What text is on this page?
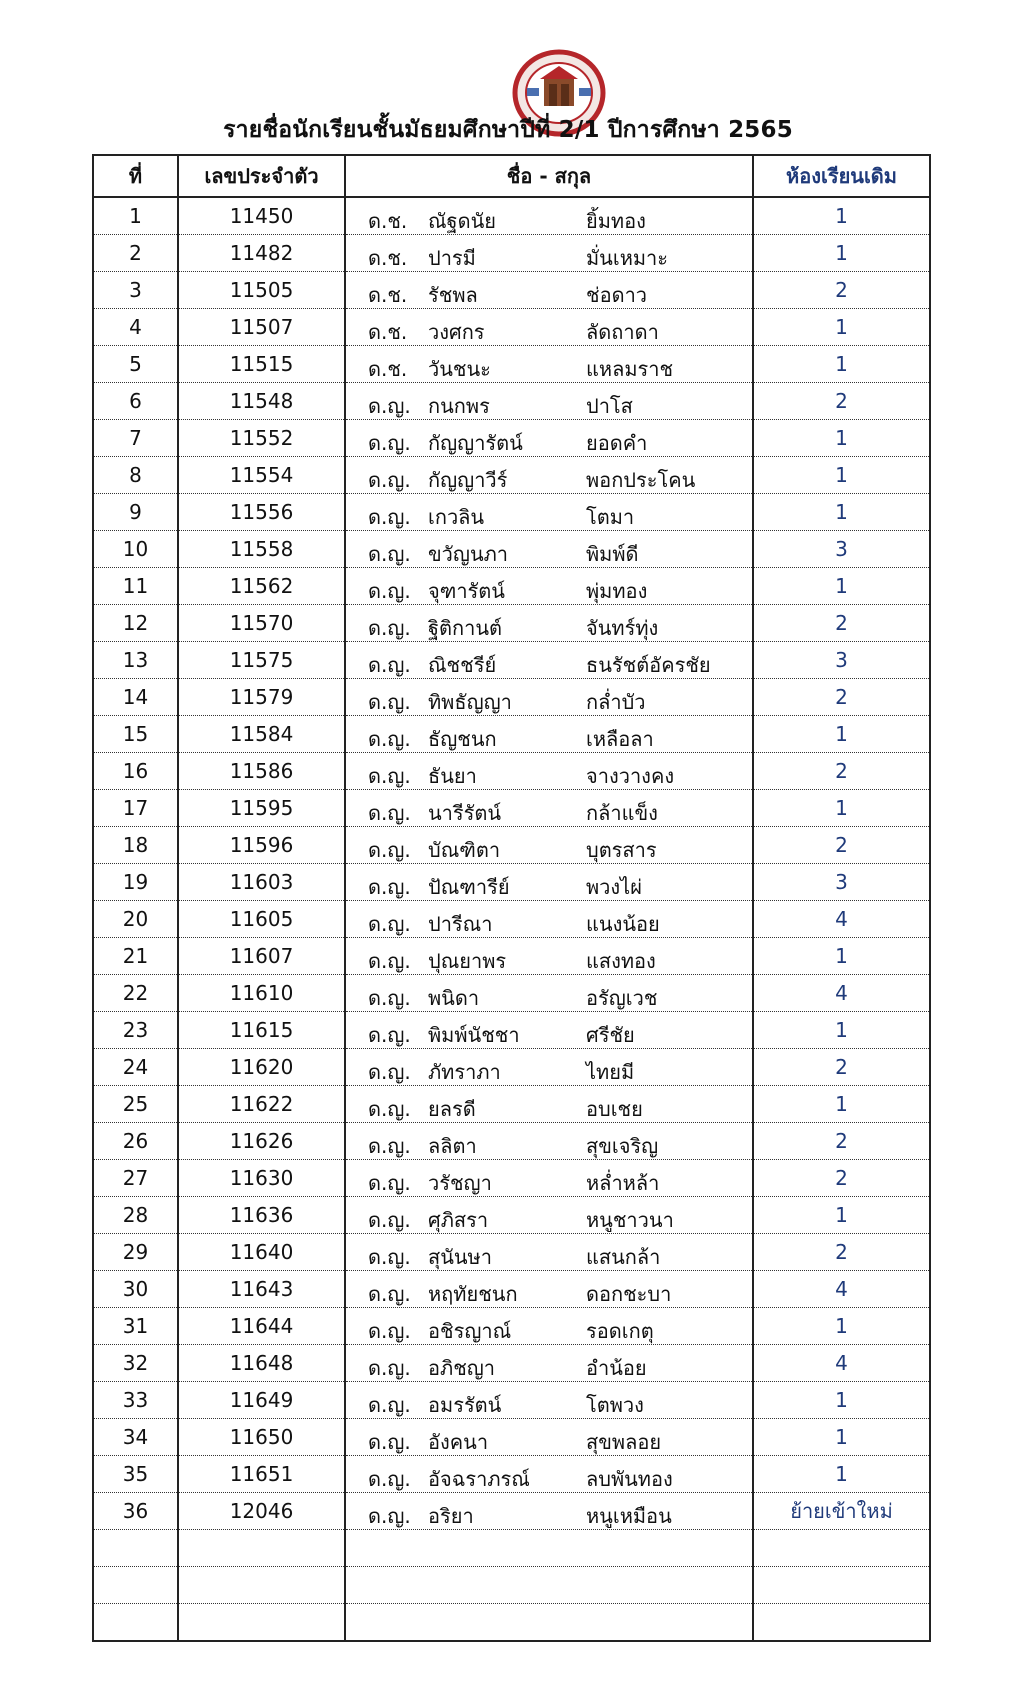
รายชื่อนักเรียนชั้นมัธยมศึกษาปีที่ 2/1 ปีการศึกษา 2565
ที่	เลขประจำตัว	ชื่อ - สกุล	ห้องเรียนเดิม
1	11450	ด.ช. ณัฐดนัย ยิ้มทอง	1
2	11482	ด.ช. ปารมี มั่นเหมาะ	1
3	11505	ด.ช. รัชพล ช่อดาว	2
4	11507	ด.ช. วงศกร ลัดถาดา	1
5	11515	ด.ช. วันชนะ แหลมราช	1
6	11548	ด.ญ. กนกพร ปาโส	2
7	11552	ด.ญ. กัญญารัตน์ ยอดคำ	1
8	11554	ด.ญ. กัญญาวีร์ พอกประโคน	1
9	11556	ด.ญ. เกวลิน โตมา	1
10	11558	ด.ญ. ขวัญนภา พิมพ์ดี	3
11	11562	ด.ญ. จุฑารัตน์ พุ่มทอง	1
12	11570	ด.ญ. ฐิติกานต์ จันทร์ทุ่ง	2
13	11575	ด.ญ. ณิชชรีย์ ธนรัชต์อัครชัย	3
14	11579	ด.ญ. ทิพธัญญา กล่ำบัว	2
15	11584	ด.ญ. ธัญชนก เหลือลา	1
16	11586	ด.ญ. ธันยา จางวางคง	2
17	11595	ด.ญ. นารีรัตน์ กล้าแข็ง	1
18	11596	ด.ญ. บัณฑิตา บุตรสาร	2
19	11603	ด.ญ. ปัณฑารีย์ พวงไผ่	3
20	11605	ด.ญ. ปารีณา แนงน้อย	4
21	11607	ด.ญ. ปุณยาพร แสงทอง	1
22	11610	ด.ญ. พนิดา อรัญเวช	4
23	11615	ด.ญ. พิมพ์นัชชา ศรีชัย	1
24	11620	ด.ญ. ภัทราภา ไทยมี	2
25	11622	ด.ญ. ยลรดี อบเชย	1
26	11626	ด.ญ. ลลิตา สุขเจริญ	2
27	11630	ด.ญ. วรัชญา หล่ำหล้า	2
28	11636	ด.ญ. ศุภิสรา หนูชาวนา	1
29	11640	ด.ญ. สุนันษา แสนกล้า	2
30	11643	ด.ญ. หฤทัยชนก ดอกชะบา	4
31	11644	ด.ญ. อชิรญาณ์ รอดเกตุ	1
32	11648	ด.ญ. อภิชญา อำน้อย	4
33	11649	ด.ญ. อมรรัตน์ โตพวง	1
34	11650	ด.ญ. อังคนา สุขพลอย	1
35	11651	ด.ญ. อัจฉราภรณ์ ลบพันทอง	1
36	12046	ด.ญ. อริยา หนูเหมือน	ย้ายเข้าใหม่
